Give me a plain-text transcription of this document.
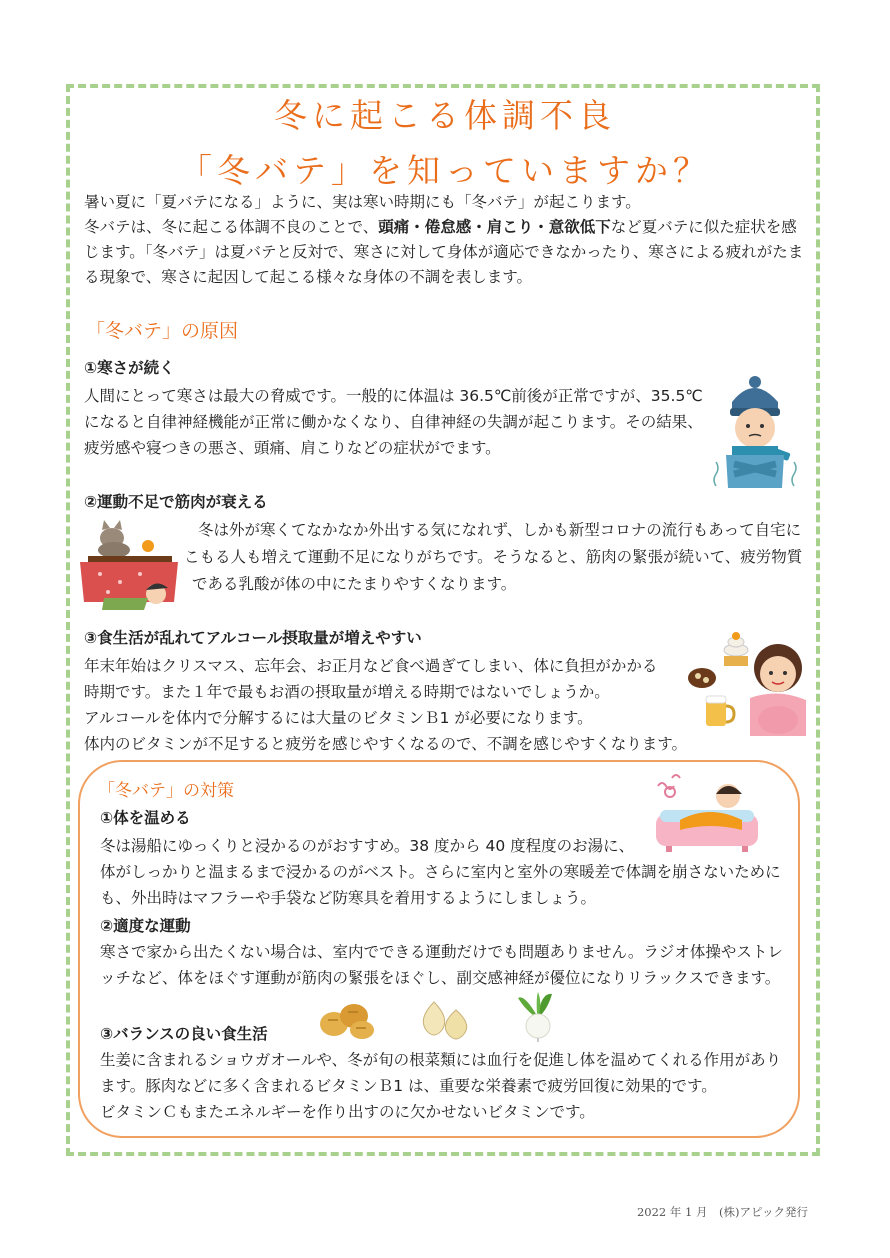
冬に起こる体調不良
「冬バテ」を知っていますか？
暑い夏に「夏バテになる」ように、実は寒い時期にも「冬バテ」が起こります。
冬バテは、冬に起こる体調不良のことで、頭痛・倦怠感・肩こり・意欲低下など夏バテに似た症状を感じます。「冬バテ」は夏バテと反対で、寒さに対して身体が適応できなかったり、寒さによる疲れがたまる現象で、寒さに起因して起こる様々な身体の不調を表します。
「冬バテ」の原因
①寒さが続く
人間にとって寒さは最大の脅威です。一般的に体温は 36.5℃前後が正常ですが、35.5℃
になると自律神経機能が正常に働かなくなり、自律神経の失調が起こります。その結果、
疲労感や寝つきの悪さ、頭痛、肩こりなどの症状がでます。
②運動不足で筋肉が衰える
冬は外が寒くてなかなか外出する気になれず、しかも新型コロナの流行もあって自宅に
こもる人も増えて運動不足になりがちです。そうなると、筋肉の緊張が続いて、疲労物質
である乳酸が体の中にたまりやすくなります。
③食生活が乱れてアルコール摂取量が増えやすい
年末年始はクリスマス、忘年会、お正月など食べ過ぎてしまい、体に負担がかかる
時期です。また１年で最もお酒の摂取量が増える時期ではないでしょうか。
アルコールを体内で分解するには大量のビタミンＢ1 が必要になります。
体内のビタミンが不足すると疲労を感じやすくなるので、不調を感じやすくなります。
「冬バテ」の対策
①体を温める
冬は湯船にゆっくりと浸かるのがおすすめ。38 度から 40 度程度のお湯に、
体がしっかりと温まるまで浸かるのがベスト。さらに室内と室外の寒暖差で体調を崩さないために
も、外出時はマフラーや手袋など防寒具を着用するようにしましょう。
②適度な運動
寒さで家から出たくない場合は、室内でできる運動だけでも問題ありません。ラジオ体操やストレ
ッチなど、体をほぐす運動が筋肉の緊張をほぐし、副交感神経が優位になりリラックスできます。
③バランスの良い食生活
生姜に含まれるショウガオールや、冬が旬の根菜類には血行を促進し体を温めてくれる作用があり
ます。豚肉などに多く含まれるビタミンＢ1 は、重要な栄養素で疲労回復に効果的です。
ビタミンＣもまたエネルギーを作り出すのに欠かせないビタミンです。
2022 年 1 月　(株)アピック発行
